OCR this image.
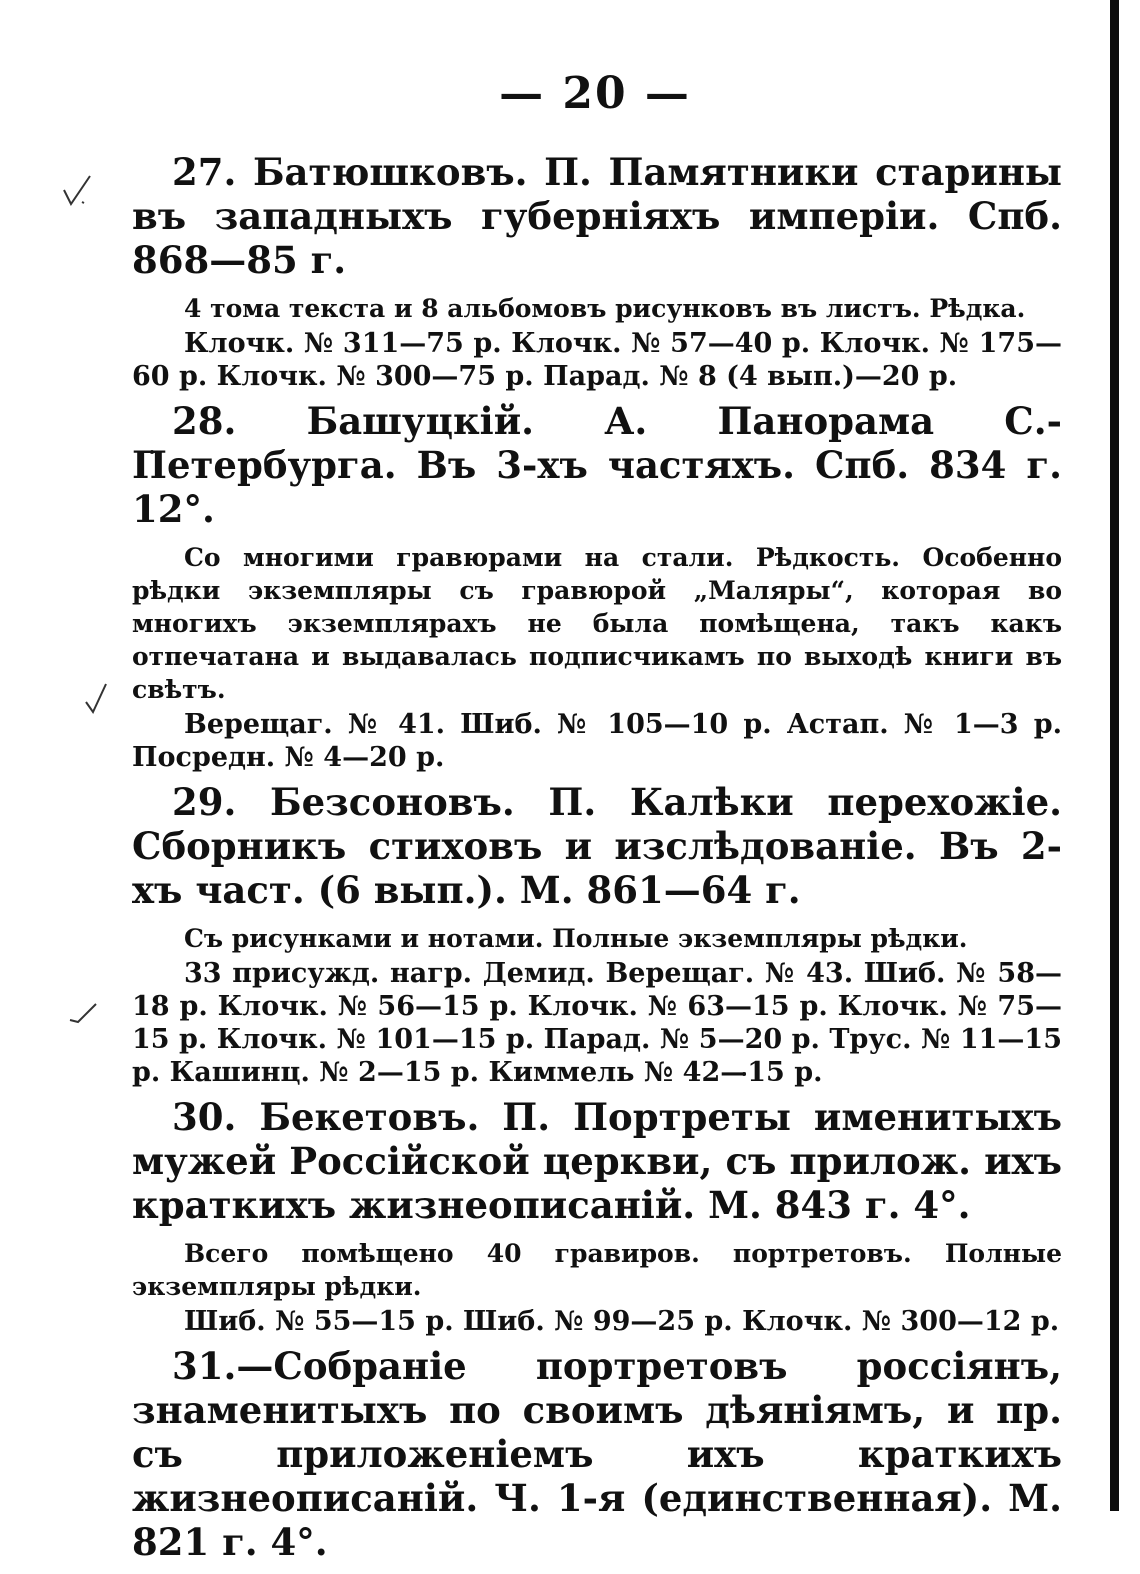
— 20 —

27. Батюшковъ. П. Памятники старины въ западныхъ губерніяхъ имперіи. Спб. 868—85 г.

4 тома текста и 8 альбомовъ рисунковъ въ листъ. Рѣдка.

Клочк. № 311—75 р. Клочк. № 57—40 р. Клочк. № 175—60 р. Клочк. № 300—75 р. Парад. № 8 (4 вып.)—20 р.

28. Башуцкій. А. Панорама С.-Петербурга. Въ 3-хъ частяхъ. Спб. 834 г. 12°.

Со многими гравюрами на стали. Рѣдкость. Особенно рѣдки экземпляры съ гравюрой „Маляры“, которая во многихъ экземплярахъ не была помѣщена, такъ какъ отпечатана и выдавалась подписчикамъ по выходѣ книги въ свѣтъ.

Верещаг. № 41. Шиб. № 105—10 р. Астап. № 1—3 р. Посредн. № 4—20 р.

29. Безсоновъ. П. Калѣки перехожіе. Сборникъ стиховъ и изслѣдованіе. Въ 2-хъ част. (6 вып.). М. 861—64 г.

Съ рисунками и нотами. Полные экземпляры рѣдки.

33 присужд. нагр. Демид. Верещаг. № 43. Шиб. № 58—18 р. Клочк. № 56—15 р. Клочк. № 63—15 р. Клочк. № 75—15 р. Клочк. № 101—15 р. Парад. № 5—20 р. Трус. № 11—15 р. Кашинц. № 2—15 р. Киммель № 42—15 р.

30. Бекетовъ. П. Портреты именитыхъ мужей Россійской церкви, съ прилож. ихъ краткихъ жизнеописаній. М. 843 г. 4°.

Всего помѣщено 40 гравиров. портретовъ. Полные экземпляры рѣдки.

Шиб. № 55—15 р. Шиб. № 99—25 р. Клочк. № 300—12 р.

31.—Собраніе портретовъ россіянъ, знаменитыхъ по своимъ дѣяніямъ, и пр. съ приложеніемъ ихъ краткихъ жизнеописаній. Ч. 1-я (единственная). М. 821 г. 4°.
